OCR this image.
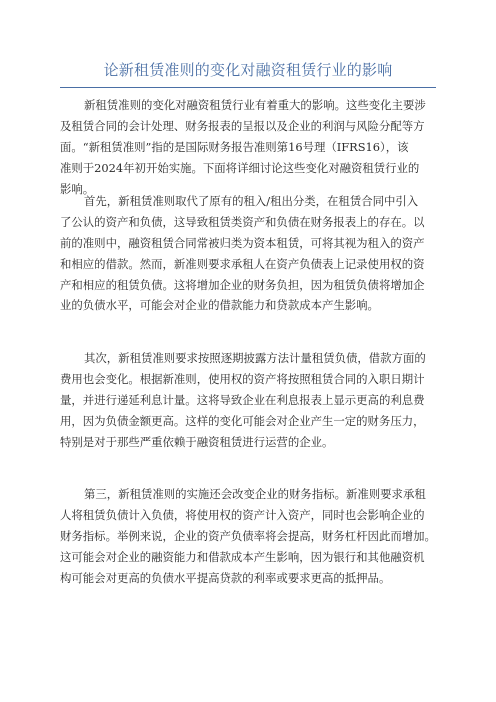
论新租赁准则的变化对融资租赁行业的影响

新租赁准则的变化对融资租赁行业有着重大的影响。这些变化主要涉
及租赁合同的会计处理、财务报表的呈报以及企业的利润与风险分配等方
面。“新租赁准则”指的是国际财务报告准则第16号理（IFRS16），该
准则于2024年初开始实施。下面将详细讨论这些变化对融资租赁行业的
影响。

首先，新租赁准则取代了原有的租入/租出分类，在租赁合同中引入
了公认的资产和负债，这导致租赁类资产和负债在财务报表上的存在。以
前的准则中，融资租赁合同常被归类为资本租赁，可将其视为租入的资产
和相应的借款。然而，新准则要求承租人在资产负债表上记录使用权的资
产和相应的租赁负债。这将增加企业的财务负担，因为租赁负债将增加企
业的负债水平，可能会对企业的借款能力和贷款成本产生影响。

其次，新租赁准则要求按照逐期披露方法计量租赁负债，借款方面的
费用也会变化。根据新准则，使用权的资产将按照租赁合同的入职日期计
量，并进行递延利息计量。这将导致企业在利息报表上显示更高的利息费
用，因为负债金额更高。这样的变化可能会对企业产生一定的财务压力，
特别是对于那些严重依赖于融资租赁进行运营的企业。

第三，新租赁准则的实施还会改变企业的财务指标。新准则要求承租
人将租赁负债计入负债，将使用权的资产计入资产，同时也会影响企业的
财务指标。举例来说，企业的资产负债率将会提高，财务杠杆因此而增加。
这可能会对企业的融资能力和借款成本产生影响，因为银行和其他融资机
构可能会对更高的负债水平提高贷款的利率或要求更高的抵押品。
